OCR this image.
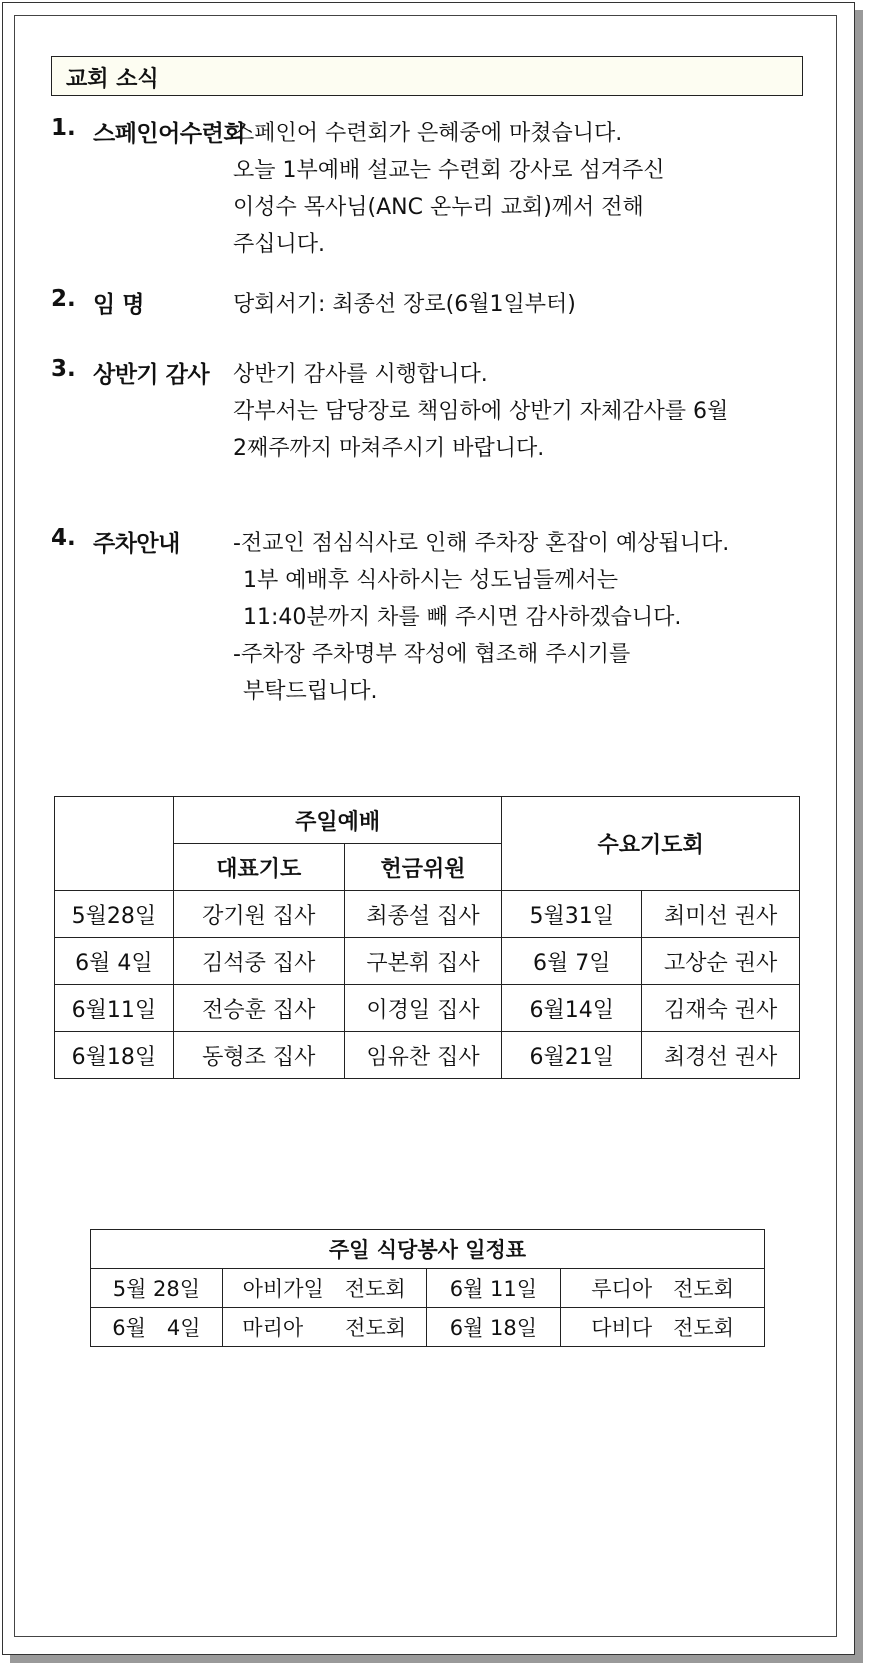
교회 소식
1. 스페인어수련회
스페인어 수련회가 은혜중에 마쳤습니다.
오늘 1부예배 설교는 수련회 강사로 섬겨주신
이성수 목사님(ANC 온누리 교회)께서 전해
주십니다.
2. 임 명	당회서기: 최종선 장로(6월1일부터)
3. 상반기 감사 상반기 감사를 시행합니다.
각부서는 담당장로 책임하에 상반기 자체감사를 6월
2째주까지 마쳐주시기 바랍니다.
4. 주차안내 -전교인 점심식사로 인해 주차장 혼잡이 예상됩니다.
1부 예배후 식사하시는 성도님들께서는
11:40분까지 차를 빼 주시면 감사하겠습니다.
-주차장 주차명부 작성에 협조해 주시기를
부탁드립니다.
	주일예배		수요기도회	
	대표기도	헌금위원		
5월28일	강기원 집사	최종설 집사	5월31일	최미선 권사
6월 4일	김석중 집사	구본휘 집사	6월 7일	고상순 권사
6월11일	전승훈 집사	이경일 집사	6월14일	김재숙 권사
6월18일	동형조 집사	임유찬 집사	6월21일	최경선 권사
주일 식당봉사 일정표			
5월 28일	아비가일　전도회	6월 11일	루디아　전도회
6월　4일	마리아　　전도회	6월 18일	다비다　전도회
